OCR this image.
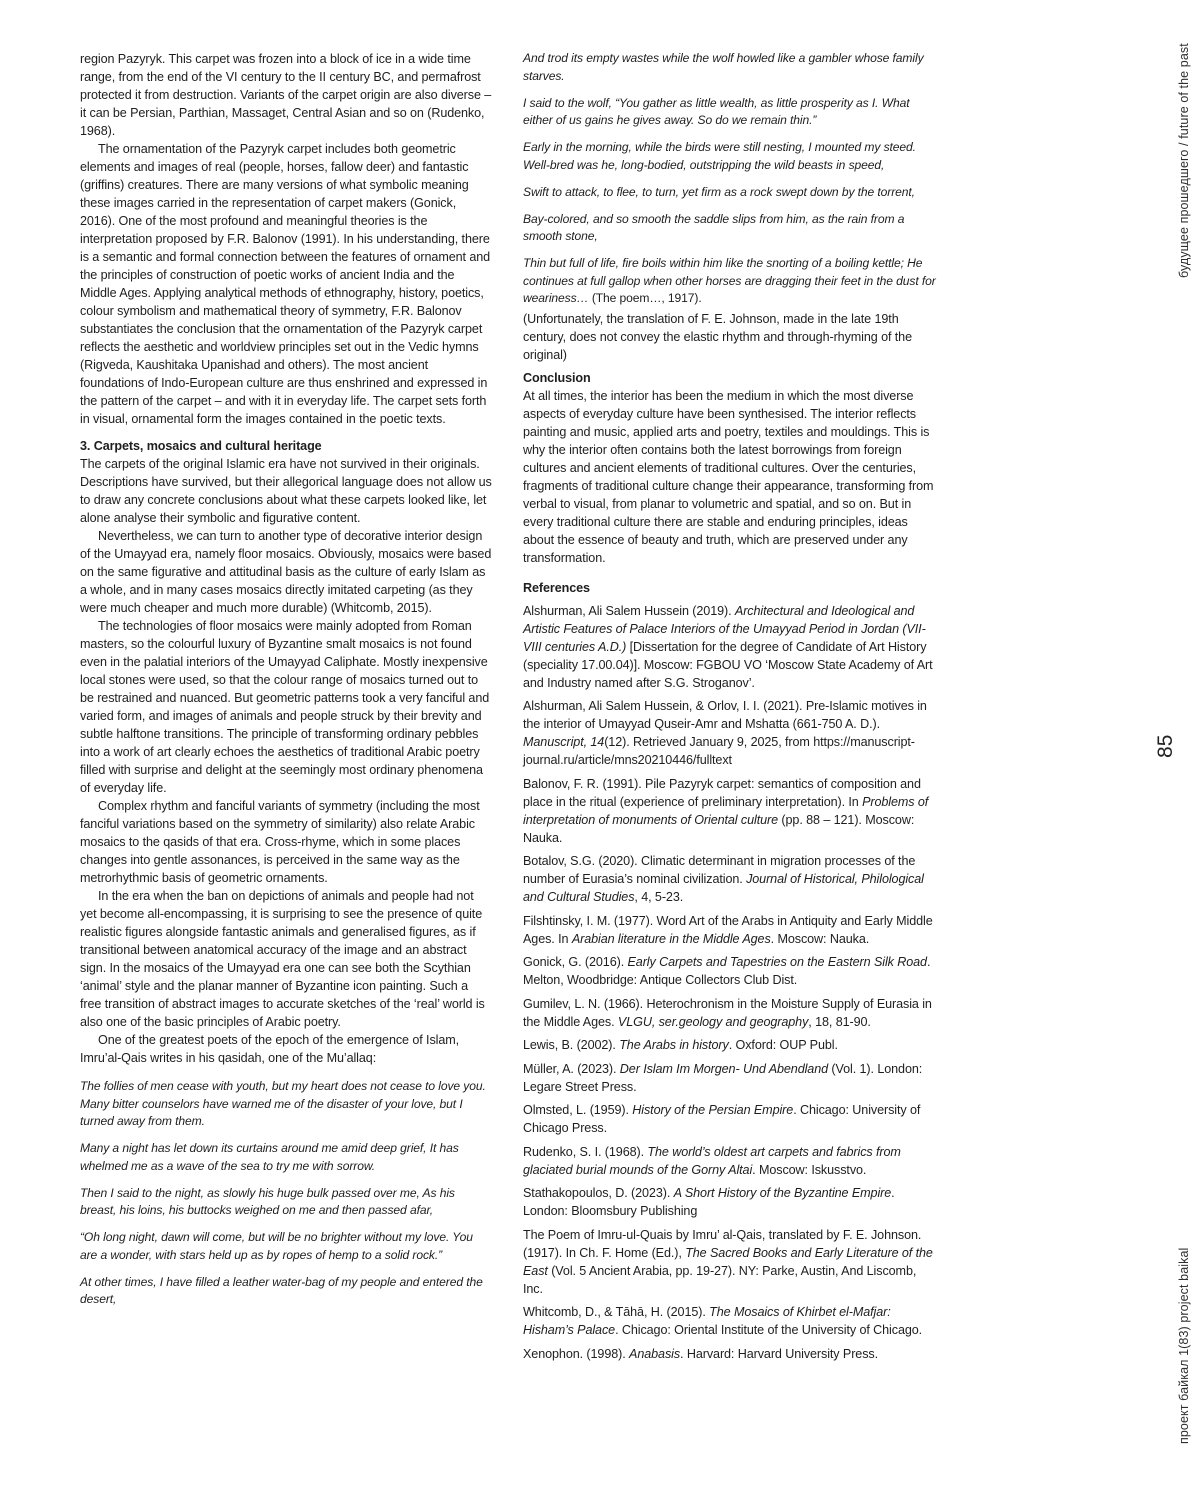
region Pazyryk. This carpet was frozen into a block of ice in a wide time range, from the end of the VI century to the II century BC, and permafrost protected it from destruction. Variants of the carpet origin are also diverse – it can be Persian, Parthian, Massaget, Central Asian and so on (Rudenko, 1968).

The ornamentation of the Pazyryk carpet includes both geometric elements and images of real (people, horses, fallow deer) and fantastic (griffins) creatures. There are many versions of what symbolic meaning these images carried in the representation of carpet makers (Gonick, 2016). One of the most profound and meaningful theories is the interpretation proposed by F.R. Balonov (1991). In his understanding, there is a semantic and formal connection between the features of ornament and the principles of construction of poetic works of ancient India and the Middle Ages. Applying analytical methods of ethnography, history, poetics, colour symbolism and mathematical theory of symmetry, F.R. Balonov substantiates the conclusion that the ornamentation of the Pazyryk carpet reflects the aesthetic and worldview principles set out in the Vedic hymns (Rigveda, Kaushitaka Upanishad and others). The most ancient foundations of Indo-European culture are thus enshrined and expressed in the pattern of the carpet – and with it in everyday life. The carpet sets forth in visual, ornamental form the images contained in the poetic texts.

3. Carpets, mosaics and cultural heritage

The carpets of the original Islamic era have not survived in their originals. Descriptions have survived, but their allegorical language does not allow us to draw any concrete conclusions about what these carpets looked like, let alone analyse their symbolic and figurative content.

Nevertheless, we can turn to another type of decorative interior design of the Umayyad era, namely floor mosaics. Obviously, mosaics were based on the same figurative and attitudinal basis as the culture of early Islam as a whole, and in many cases mosaics directly imitated carpeting (as they were much cheaper and much more durable) (Whitcomb, 2015).

The technologies of floor mosaics were mainly adopted from Roman masters, so the colourful luxury of Byzantine smalt mosaics is not found even in the palatial interiors of the Umayyad Caliphate. Mostly inexpensive local stones were used, so that the colour range of mosaics turned out to be restrained and nuanced. But geometric patterns took a very fanciful and varied form, and images of animals and people struck by their brevity and subtle halftone transitions. The principle of transforming ordinary pebbles into a work of art clearly echoes the aesthetics of traditional Arabic poetry filled with surprise and delight at the seemingly most ordinary phenomena of everyday life.

Complex rhythm and fanciful variants of symmetry (including the most fanciful variations based on the symmetry of similarity) also relate Arabic mosaics to the qasids of that era. Cross-rhyme, which in some places changes into gentle assonances, is perceived in the same way as the metrorhythmic basis of geometric ornaments.

In the era when the ban on depictions of animals and people had not yet become all-encompassing, it is surprising to see the presence of quite realistic figures alongside fantastic animals and generalised figures, as if transitional between anatomical accuracy of the image and an abstract sign. In the mosaics of the Umayyad era one can see both the Scythian ‘animal’ style and the planar manner of Byzantine icon painting. Such a free transition of abstract images to accurate sketches of the ‘real’ world is also one of the basic principles of Arabic poetry.

One of the greatest poets of the epoch of the emergence of Islam, Imru’al-Qais writes in his qasidah, one of the Mu’allaq:

The follies of men cease with youth, but my heart does not cease to love you. Many bitter counselors have warned me of the disaster of your love, but I turned away from them.

Many a night has let down its curtains around me amid deep grief, It has whelmed me as a wave of the sea to try me with sorrow.

Then I said to the night, as slowly his huge bulk passed over me, As his breast, his loins, his buttocks weighed on me and then passed afar,

“Oh long night, dawn will come, but will be no brighter without my love. You are a wonder, with stars held up as by ropes of hemp to a solid rock.”

At other times, I have filled a leather water-bag of my people and entered the desert,

And trod its empty wastes while the wolf howled like a gambler whose family starves.

I said to the wolf, “You gather as little wealth, as little prosperity as I. What either of us gains he gives away. So do we remain thin.”

Early in the morning, while the birds were still nesting, I mounted my steed. Well-bred was he, long-bodied, outstripping the wild beasts in speed,

Swift to attack, to flee, to turn, yet firm as a rock swept down by the torrent,

Bay-colored, and so smooth the saddle slips from him, as the rain from a smooth stone,

Thin but full of life, fire boils within him like the snorting of a boiling kettle; He continues at full gallop when other horses are dragging their feet in the dust for weariness… (The poem…, 1917).

(Unfortunately, the translation of F. E. Johnson, made in the late 19th century, does not convey the elastic rhythm and through-rhyming of the original)

Conclusion

At all times, the interior has been the medium in which the most diverse aspects of everyday culture have been synthesised. The interior reflects painting and music, applied arts and poetry, textiles and mouldings. This is why the interior often contains both the latest borrowings from foreign cultures and ancient elements of traditional cultures. Over the centuries, fragments of traditional culture change their appearance, transforming from verbal to visual, from planar to volumetric and spatial, and so on. But in every traditional culture there are stable and enduring principles, ideas about the essence of beauty and truth, which are preserved under any transformation.

References

Alshurman, Ali Salem Hussein (2019). Architectural and Ideological and Artistic Features of Palace Interiors of the Umayyad Period in Jordan (VII-VIII centuries A.D.) [Dissertation for the degree of Candidate of Art History (speciality 17.00.04)]. Moscow: FGBOU VO ‘Moscow State Academy of Art and Industry named after S.G. Stroganov’.

Alshurman, Ali Salem Hussein, & Orlov, I. I. (2021). Pre-Islamic motives in the interior of Umayyad Quseir-Amr and Mshatta (661-750 A. D.). Manuscript, 14(12). Retrieved January 9, 2025, from https://manuscript-journal.ru/article/mns20210446/fulltext

Balonov, F. R. (1991). Pile Pazyryk carpet: semantics of composition and place in the ritual (experience of preliminary interpretation). In Problems of interpretation of monuments of Oriental culture (pp. 88 – 121). Moscow: Nauka.

Botalov, S.G. (2020). Climatic determinant in migration processes of the number of Eurasia’s nominal civilization. Journal of Historical, Philological and Cultural Studies, 4, 5-23.

Filshtinsky, I. M. (1977). Word Art of the Arabs in Antiquity and Early Middle Ages. In Arabian literature in the Middle Ages. Moscow: Nauka.

Gonick, G. (2016). Early Carpets and Tapestries on the Eastern Silk Road. Melton, Woodbridge: Antique Collectors Club Dist.

Gumilev, L. N. (1966). Heterochronism in the Moisture Supply of Eurasia in the Middle Ages. VLGU, ser.geology and geography, 18, 81-90.

Lewis, B. (2002). The Arabs in history. Oxford: OUP Publ.

Müller, A. (2023). Der Islam Im Morgen- Und Abendland (Vol. 1). London: Legare Street Press.

Olmsted, L. (1959). History of the Persian Empire. Chicago: University of Chicago Press.

Rudenko, S. I. (1968). The world’s oldest art carpets and fabrics from glaciated burial mounds of the Gorny Altai. Moscow: Iskusstvo.

Stathakopoulos, D. (2023). A Short History of the Byzantine Empire. London: Bloomsbury Publishing

The Poem of Imru-ul-Quais by Imru’ al-Qais, translated by F. E. Johnson. (1917). In Ch. F. Home (Ed.), The Sacred Books and Early Literature of the East (Vol. 5 Ancient Arabia, pp. 19-27). NY: Parke, Austin, And Liscomb, Inc.

Whitcomb, D., & Tāhā, H. (2015). The Mosaics of Khirbet el-Mafjar: Hisham’s Palace. Chicago: Oriental Institute of the University of Chicago.

Xenophon. (1998). Anabasis. Harvard: Harvard University Press.

будущее прошедшего / future of the past
85
проект байкал 1(83) project baikal
